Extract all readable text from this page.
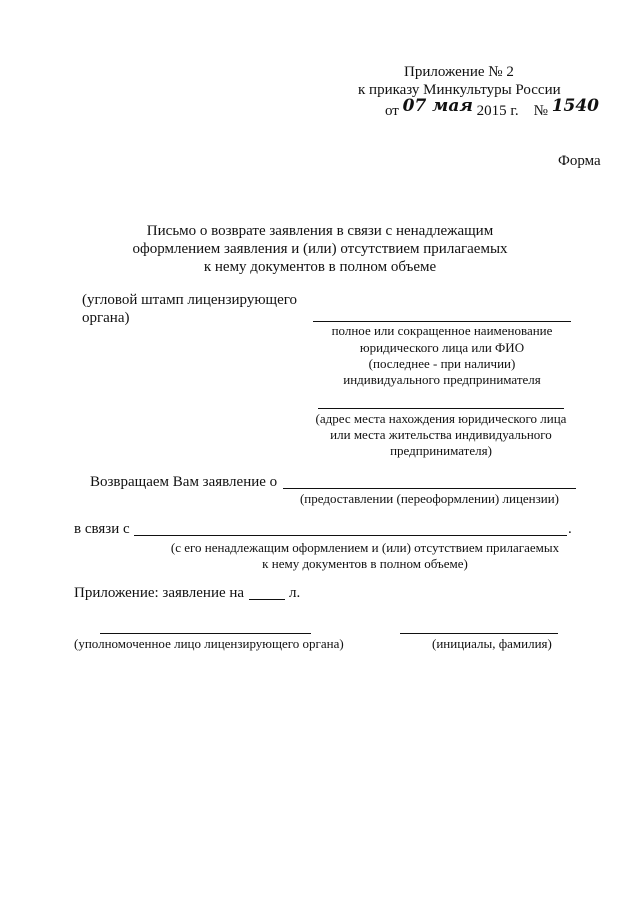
Приложение № 2
к приказу Минкультуры России
от 07 мая 2015 г. № 1540
Форма
Письмо о возврате заявления в связи с ненадлежащим
оформлением заявления и (или) отсутствием прилагаемых
к нему документов в полном объеме
(угловой штамп лицензирующего
органа)
полное или сокращенное наименование
юридического лица или ФИО
(последнее - при наличии)
индивидуального предпринимателя
(адрес места нахождения юридического лица
или места жительства индивидуального
предпринимателя)
Возвращаем Вам заявление о
(предоставлении (переоформлении) лицензии)
в связи с	.
(с его ненадлежащим оформлением и (или) отсутствием прилагаемых
к нему документов в полном объеме)
Приложение: заявление на	л.
(уполномоченное лицо лицензирующего органа)	(инициалы, фамилия)
